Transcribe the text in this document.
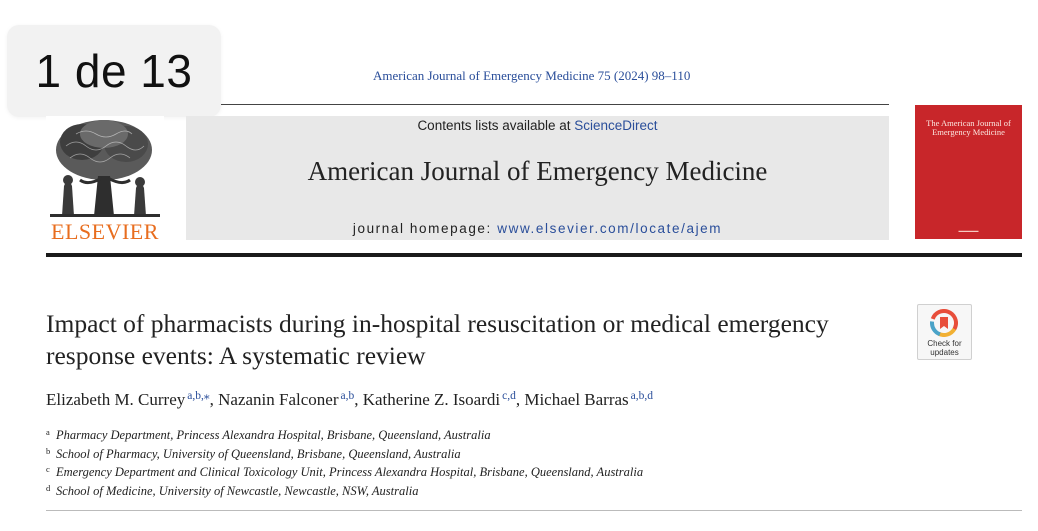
1 de 13	American Journal of Emergency Medicine 75 (2024) 98–110
ELSEVIER
Contents lists available at ScienceDirect
American Journal of Emergency Medicine
journal homepage: www.elsevier.com/locate/ajem
The American Journal of Emergency Medicine
▬▬▬▬▬
Impact of pharmacists during in-hospital resuscitation or medical emergency response events: A systematic review	Check for
updates
Elizabeth M. Currey $^{a,b,⁎}$, Nazanin Falconer $^{a,b}$, Katherine Z. Isoardi $^{c,d}$, Michael Barras $^{a,b,d}$
a Pharmacy Department, Princess Alexandra Hospital, Brisbane, Queensland, Australia
b School of Pharmacy, University of Queensland, Brisbane, Queensland, Australia
c Emergency Department and Clinical Toxicology Unit, Princess Alexandra Hospital, Brisbane, Queensland, Australia
d School of Medicine, University of Newcastle, Newcastle, NSW, Australia
